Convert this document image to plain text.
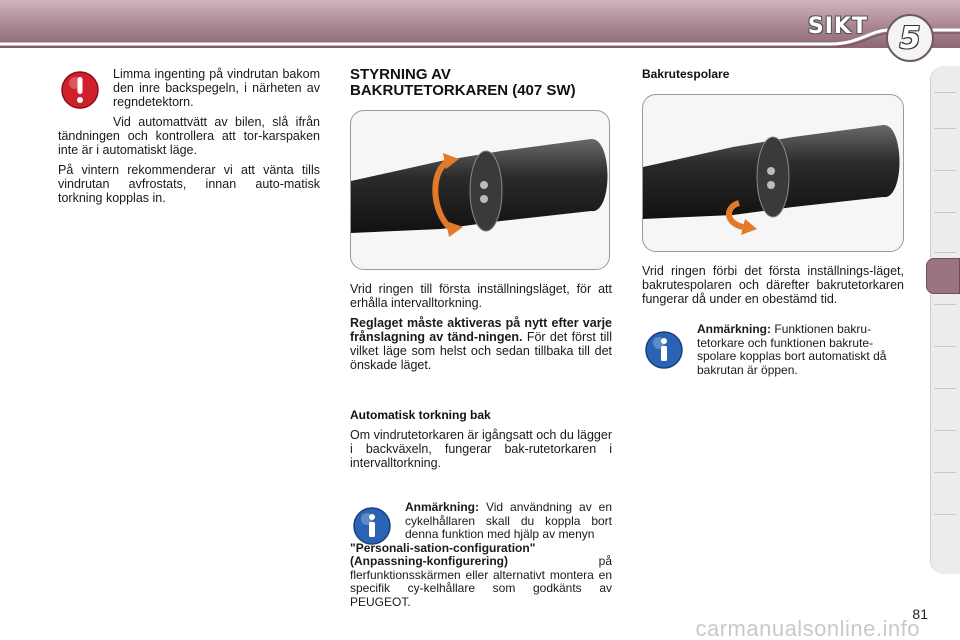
SIKT	5

Limma ingenting på vindrutan bakom den inre backspegeln, i närheten av regndetektorn.

Vid automattvätt av bilen, slå ifrån tändningen och kontrollera att tor-karspaken inte är i automatiskt läge.

På vintern rekommenderar vi att vänta tills vindrutan avfrostats, innan auto-matisk torkning kopplas in.

STYRNING AV BAKRUTETORKAREN (407 SW)

Vrid ringen till första inställningsläget, för att erhålla intervalltorkning.

Reglaget måste aktiveras på nytt efter varje frånslagning av tänd-ningen. För det först till vilket läge som helst och sedan tillbaka till det önskade läget.

Automatisk torkning bak

Om vindrutetorkaren är igångsatt och du lägger i backväxeln, fungerar bak-rutetorkaren i intervalltorkning.

Anmärkning: Vid användning av en cykelhållaren skall du koppla bort denna funktion med hjälp av menyn

"Personali-sation-configuration" (Anpassning-konfigurering)	på flerfunktionsskärmen eller alternativt montera en specifik cy-kelhållare som godkänts av PEUGEOT.

Bakrutespolare

Vrid ringen förbi det första inställnings-läget, bakrutespolaren och därefter bakrutetorkaren fungerar då under en obestämd tid.

Anmärkning: Funktionen bakru-tetorkare och funktionen bakrute-spolare kopplas bort automatiskt då bakrutan är öppen.

carmanualsonline.info
81
